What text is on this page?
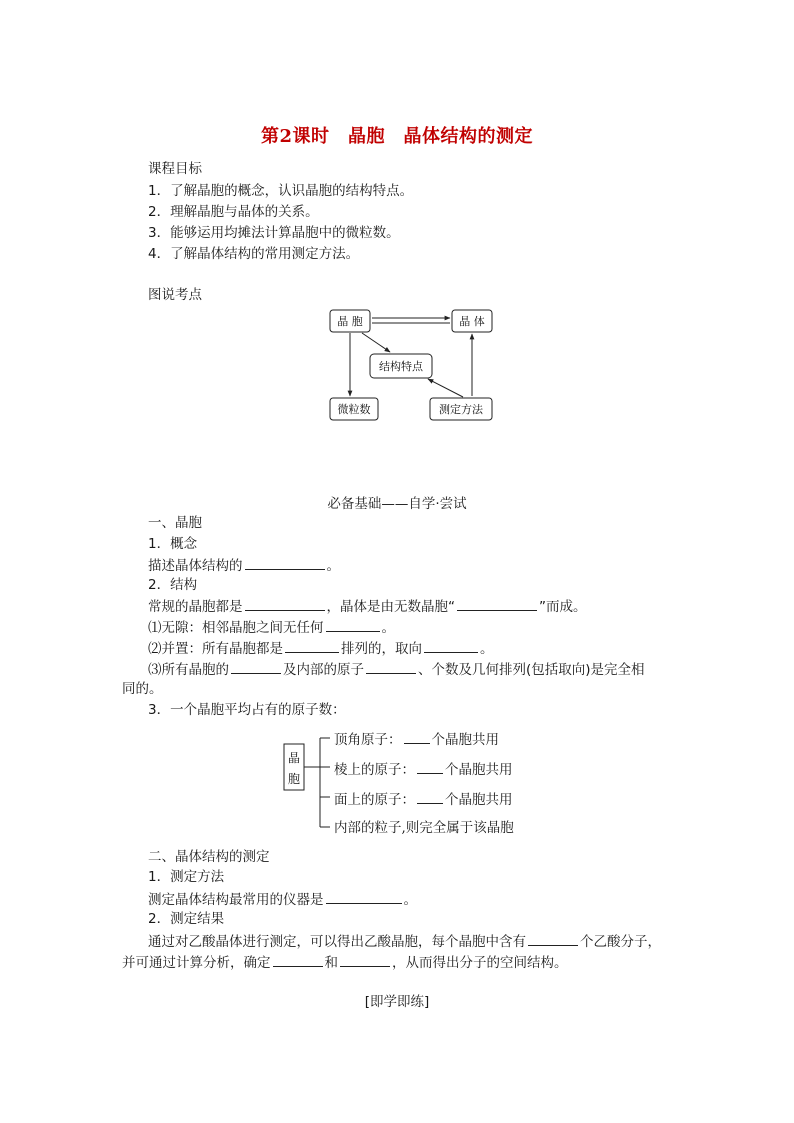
第2课时　晶胞　晶体结构的测定
课程目标
1．了解晶胞的概念，认识晶胞的结构特点。
2．理解晶胞与晶体的关系。
3．能够运用均摊法计算晶胞中的微粒数。
4．了解晶体结构的常用测定方法。
图说考点
晶 胞	晶 体
结构特点
微粒数	测定方法
必备基础——自学·尝试
一、晶胞
1．概念
描述晶体结构的	。
2．结构
常规的晶胞都是	，晶体是由无数晶胞“	”而成。
⑴无隙：相邻晶胞之间无任何	。
⑵并置：所有晶胞都是	排列的，取向	。
⑶所有晶胞的	及内部的原子	、个数及几何排列(包括取向)是完全相
同的。
3．一个晶胞平均占有的原子数：
晶
胞
顶角原子： 个晶胞共用
棱上的原子： 个晶胞共用
面上的原子： 个晶胞共用
内部的粒子,则完全属于该晶胞
二、晶体结构的测定
1．测定方法
测定晶体结构最常用的仪器是	。
2．测定结果
通过对乙酸晶体进行测定，可以得出乙酸晶胞，每个晶胞中含有	个乙酸分子，
并可通过计算分析，确定	和	，从而得出分子的空间结构。
[即学即练]
